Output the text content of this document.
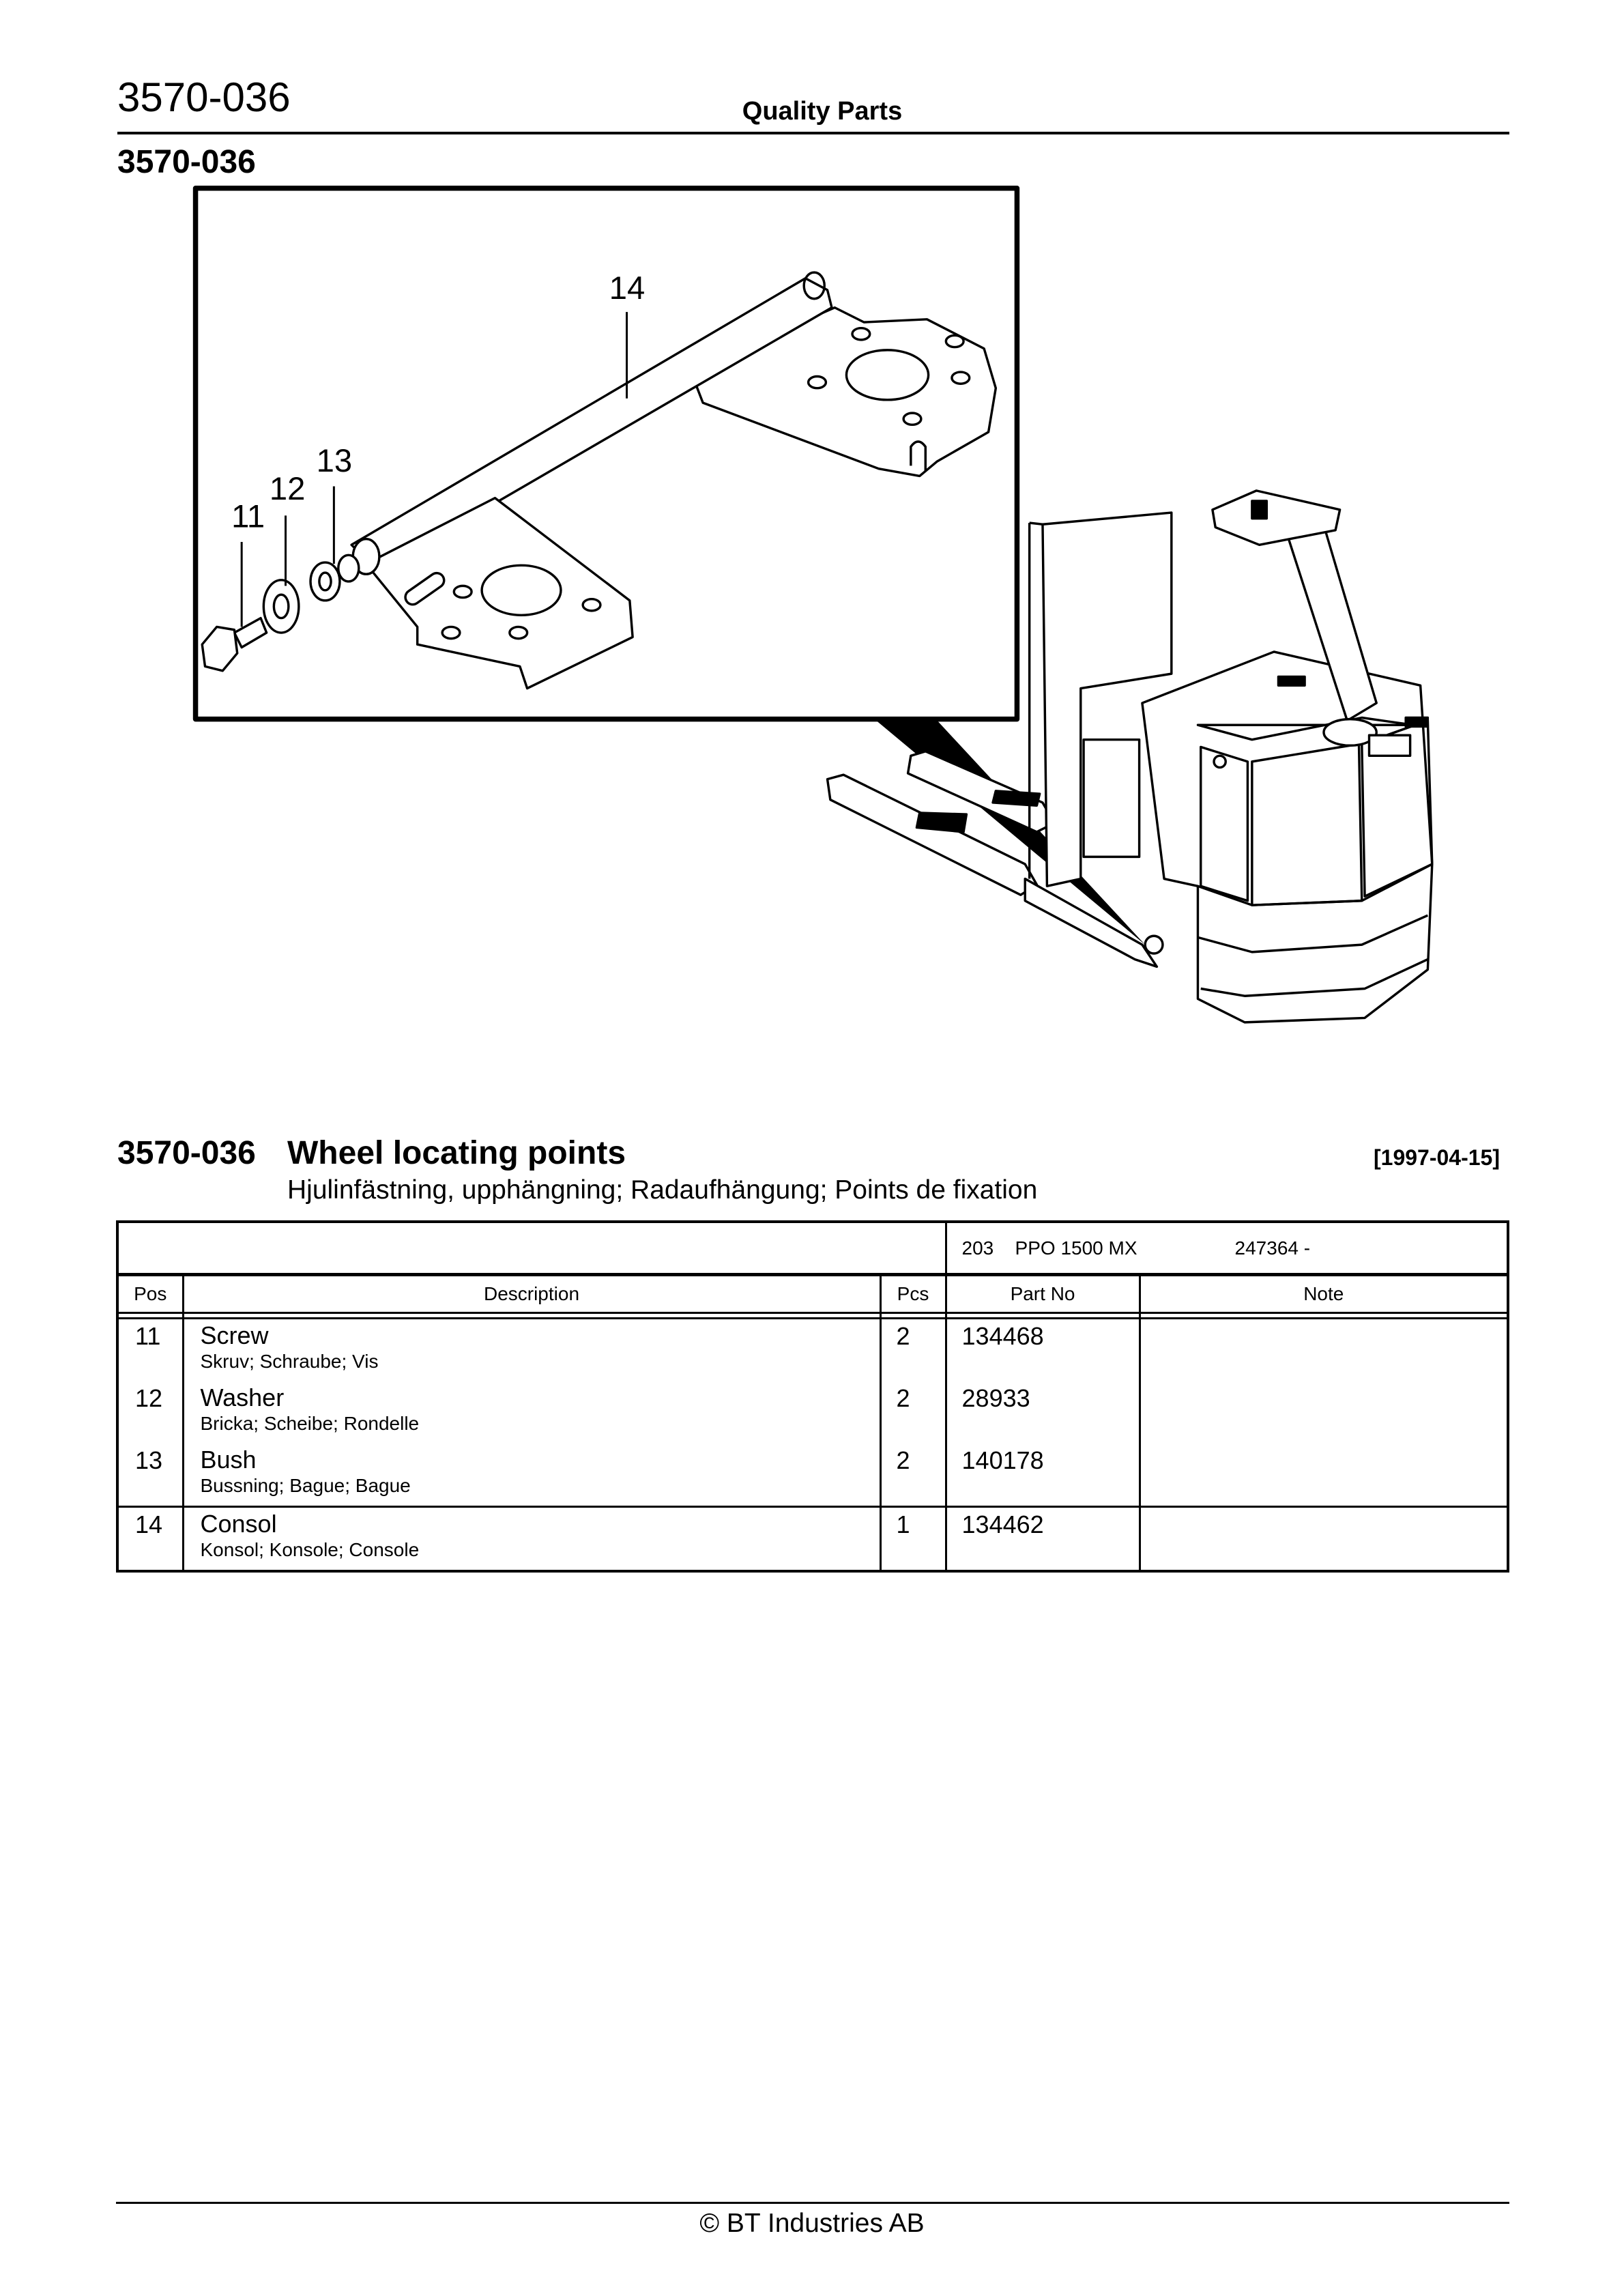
3570-036	Quality Parts
3570-036
11
12
13
14
3570-036 Wheel locating points	[1997-04-15]
Hjulinfästning, upphängning; Radaufhängung; Points de fixation
			203 PPO 1500 MX 247364 -	
Pos	Description	Pcs	Part No	Note

11	Screw
Skruv; Schraube; Vis	2	134468	
12	Washer
Bricka; Scheibe; Rondelle	2	28933	
13	Bush
Bussning; Bague; Bague	2	140178	
14	Consol
Konsol; Konsole; Console	1	134462	
© BT Industries AB
